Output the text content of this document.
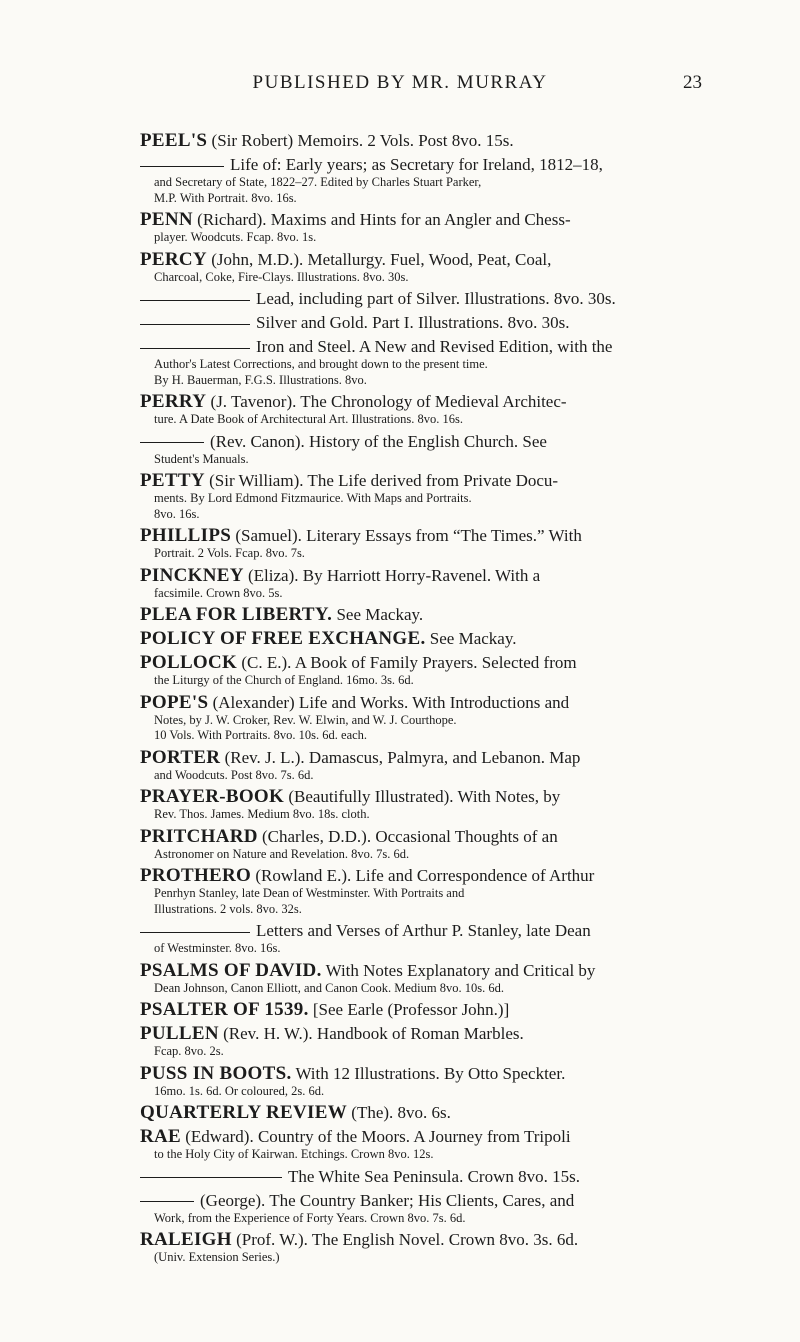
PUBLISHED BY MR. MURRAY	23
PEEL'S (Sir Robert) Memoirs. 2 Vols. Post 8vo. 15s.
Life of: Early years; as Secretary for Ireland, 1812–18,
and Secretary of State, 1822–27. Edited by Charles Stuart Parker,
M.P. With Portrait. 8vo. 16s.
PENN (Richard). Maxims and Hints for an Angler and Chess-
player. Woodcuts. Fcap. 8vo. 1s.
PERCY (John, M.D.). Metallurgy. Fuel, Wood, Peat, Coal,
Charcoal, Coke, Fire-Clays. Illustrations. 8vo. 30s.
Lead, including part of Silver. Illustrations. 8vo. 30s.
Silver and Gold. Part I. Illustrations. 8vo. 30s.
Iron and Steel. A New and Revised Edition, with the
Author's Latest Corrections, and brought down to the present time.
By H. Bauerman, F.G.S. Illustrations. 8vo.
PERRY (J. Tavenor). The Chronology of Medieval Architec-
ture. A Date Book of Architectural Art. Illustrations. 8vo. 16s.
(Rev. Canon). History of the English Church. See
Student's Manuals.
PETTY (Sir William). The Life derived from Private Docu-
ments. By Lord Edmond Fitzmaurice. With Maps and Portraits.
8vo. 16s.
PHILLIPS (Samuel). Literary Essays from “The Times.” With
Portrait. 2 Vols. Fcap. 8vo. 7s.
PINCKNEY (Eliza). By Harriott Horry-Ravenel. With a
facsimile. Crown 8vo. 5s.
PLEA FOR LIBERTY. See Mackay.
POLICY OF FREE EXCHANGE. See Mackay.
POLLOCK (C. E.). A Book of Family Prayers. Selected from
the Liturgy of the Church of England. 16mo. 3s. 6d.
POPE'S (Alexander) Life and Works. With Introductions and
Notes, by J. W. Croker, Rev. W. Elwin, and W. J. Courthope.
10 Vols. With Portraits. 8vo. 10s. 6d. each.
PORTER (Rev. J. L.). Damascus, Palmyra, and Lebanon. Map
and Woodcuts. Post 8vo. 7s. 6d.
PRAYER-BOOK (Beautifully Illustrated). With Notes, by
Rev. Thos. James. Medium 8vo. 18s. cloth.
PRITCHARD (Charles, D.D.). Occasional Thoughts of an
Astronomer on Nature and Revelation. 8vo. 7s. 6d.
PROTHERO (Rowland E.). Life and Correspondence of Arthur
Penrhyn Stanley, late Dean of Westminster. With Portraits and
Illustrations. 2 vols. 8vo. 32s.
Letters and Verses of Arthur P. Stanley, late Dean
of Westminster. 8vo. 16s.
PSALMS OF DAVID. With Notes Explanatory and Critical by
Dean Johnson, Canon Elliott, and Canon Cook. Medium 8vo. 10s. 6d.
PSALTER OF 1539. [See Earle (Professor John.)]
PULLEN (Rev. H. W.). Handbook of Roman Marbles.
Fcap. 8vo. 2s.
PUSS IN BOOTS. With 12 Illustrations. By Otto Speckter.
16mo. 1s. 6d. Or coloured, 2s. 6d.
QUARTERLY REVIEW (The). 8vo. 6s.
RAE (Edward). Country of the Moors. A Journey from Tripoli
to the Holy City of Kairwan. Etchings. Crown 8vo. 12s.
The White Sea Peninsula. Crown 8vo. 15s.
(George). The Country Banker; His Clients, Cares, and
Work, from the Experience of Forty Years. Crown 8vo. 7s. 6d.
RALEIGH (Prof. W.). The English Novel. Crown 8vo. 3s. 6d.
(Univ. Extension Series.)
